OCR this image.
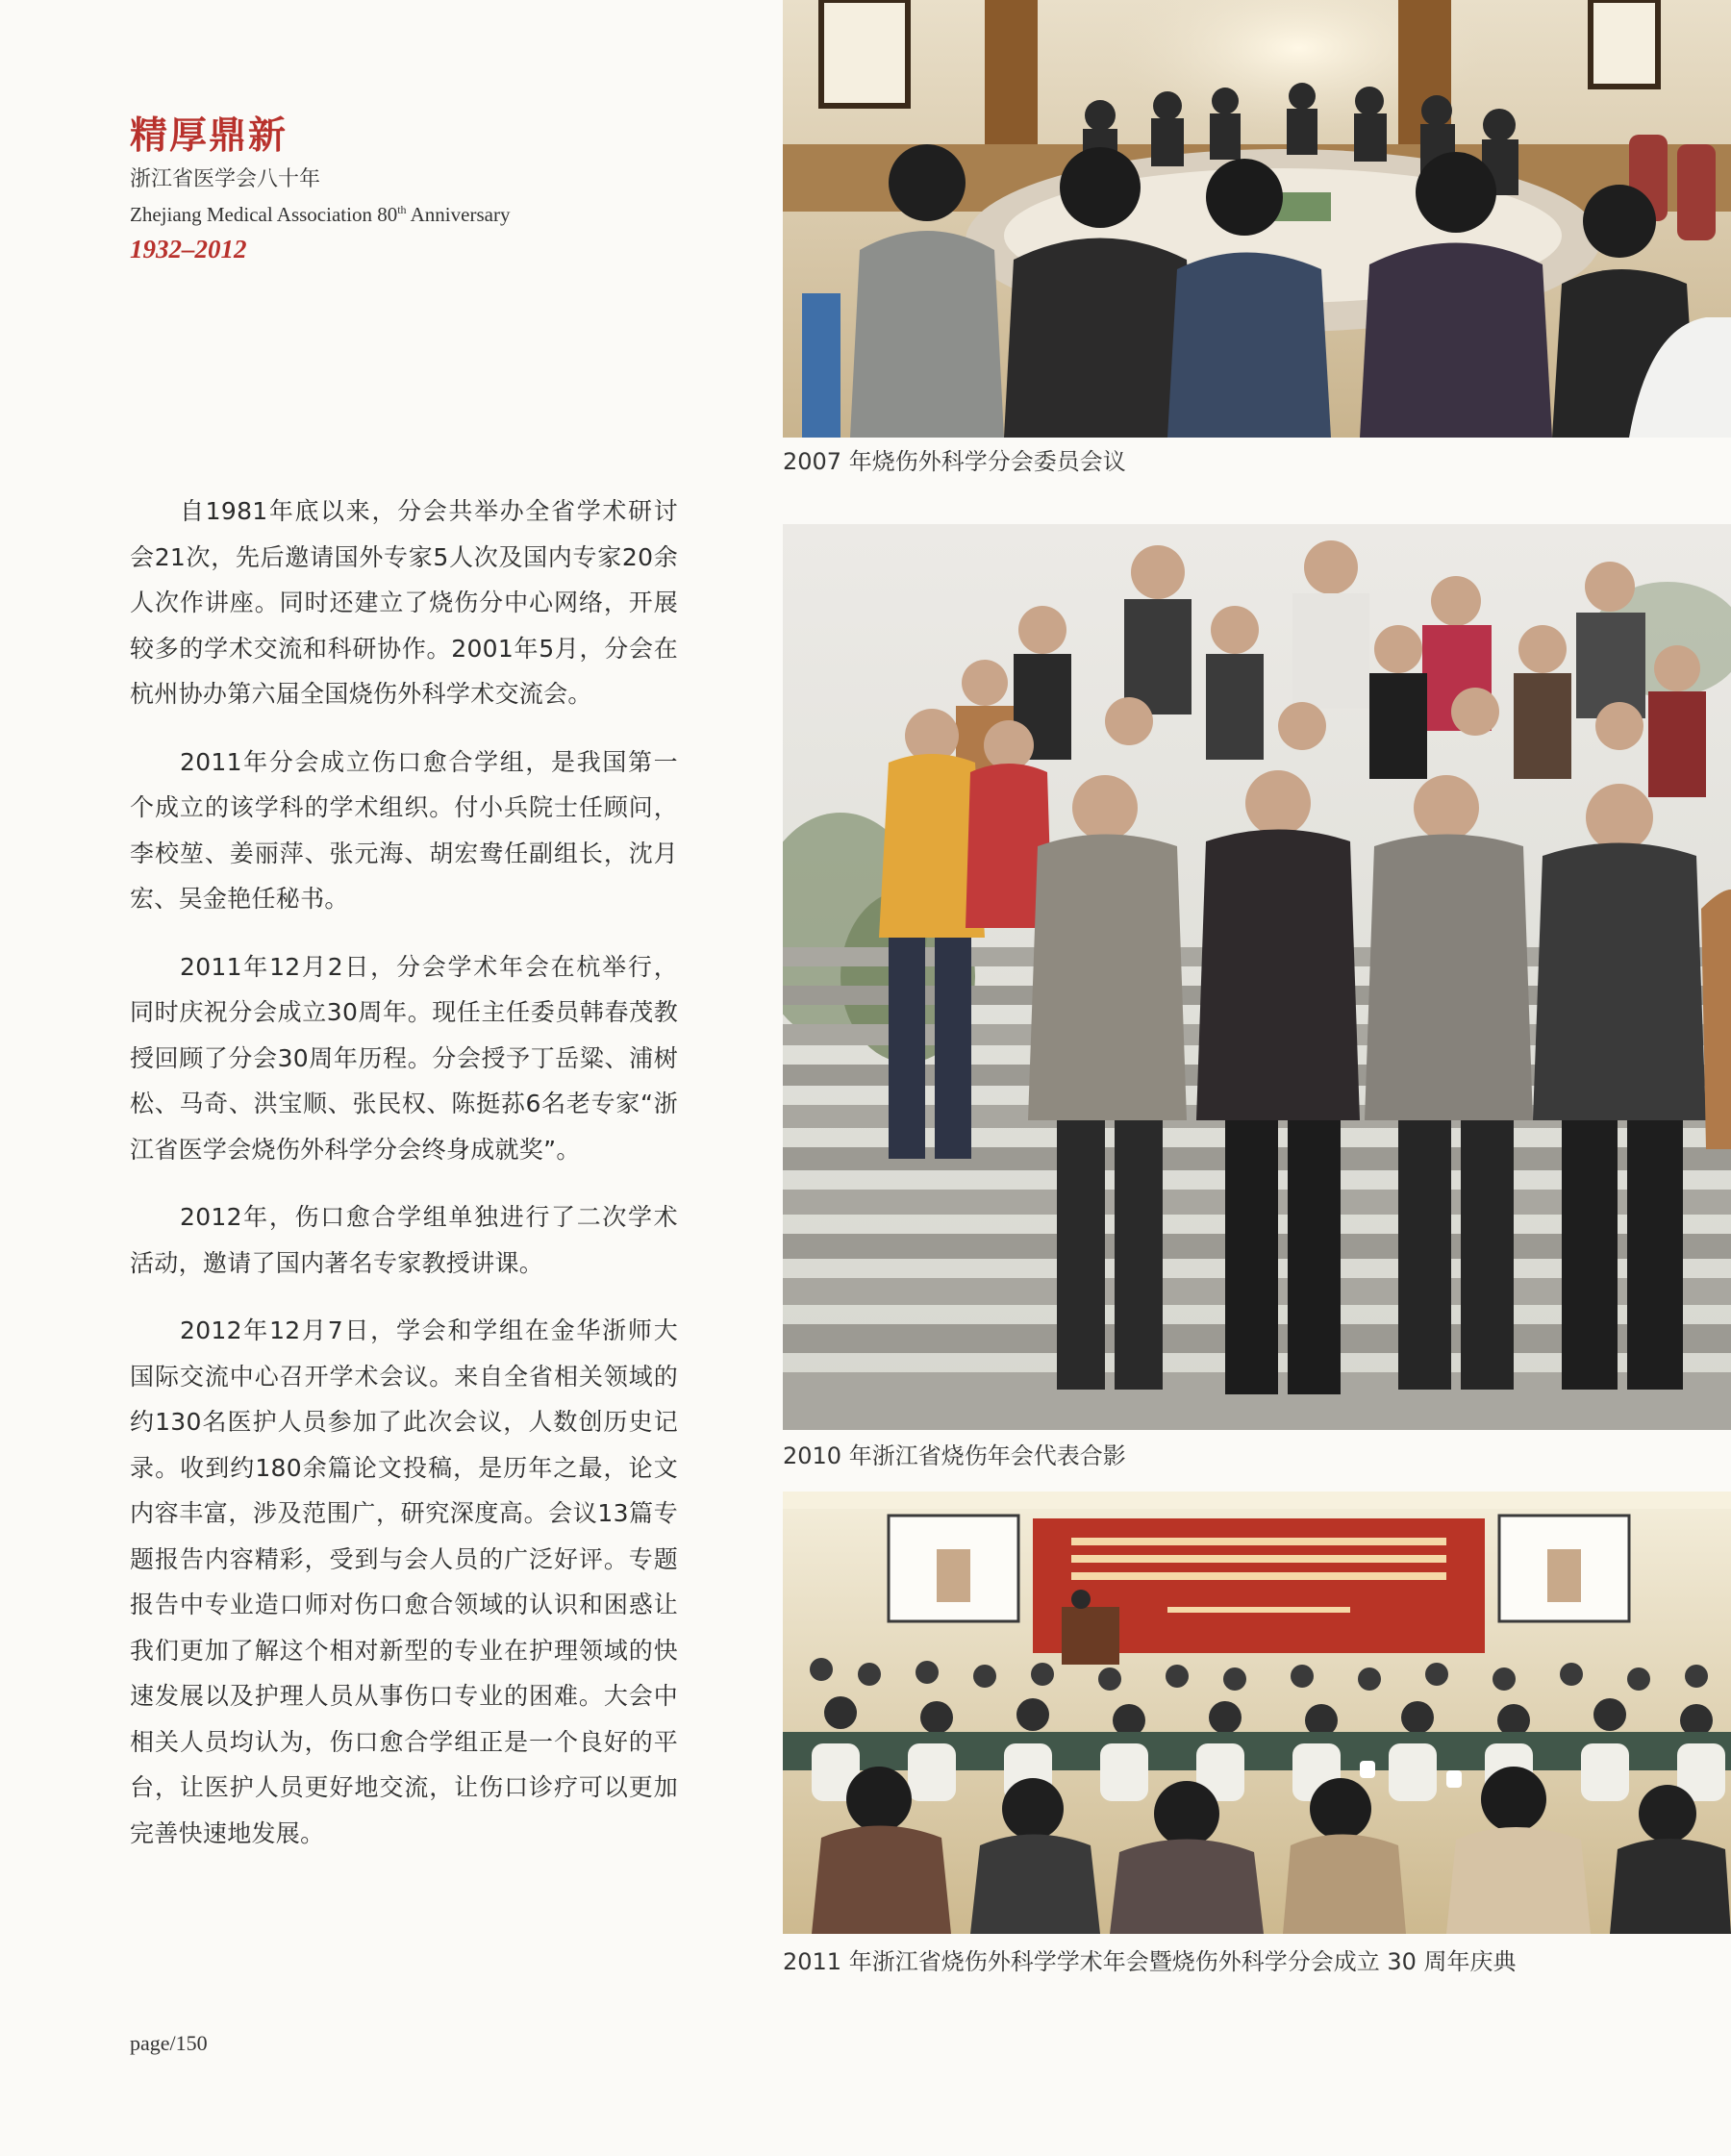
精厚鼎新
浙江省医学会八十年
Zhejiang Medical Association 80th Anniversary
1932–2012

自1981年底以来，分会共举办全省学术研讨会21次，先后邀请国外专家5人次及国内专家20余人次作讲座。同时还建立了烧伤分中心网络，开展较多的学术交流和科研协作。2001年5月，分会在杭州协办第六届全国烧伤外科学术交流会。

2011年分会成立伤口愈合学组，是我国第一个成立的该学科的学术组织。付小兵院士任顾问，李校堃、姜丽萍、张元海、胡宏鸯任副组长，沈月宏、吴金艳任秘书。

2011年12月2日，分会学术年会在杭举行，同时庆祝分会成立30周年。现任主任委员韩春茂教授回顾了分会30周年历程。分会授予丁岳粱、浦树松、马奇、洪宝顺、张民权、陈挺荪6名老专家“浙江省医学会烧伤外科学分会终身成就奖”。

2012年，伤口愈合学组单独进行了二次学术活动，邀请了国内著名专家教授讲课。

2012年12月7日，学会和学组在金华浙师大国际交流中心召开学术会议。来自全省相关领域的约130名医护人员参加了此次会议，人数创历史记录。收到约180余篇论文投稿，是历年之最，论文内容丰富，涉及范围广，研究深度高。会议13篇专题报告内容精彩，受到与会人员的广泛好评。专题报告中专业造口师对伤口愈合领域的认识和困惑让我们更加了解这个相对新型的专业在护理领域的快速发展以及护理人员从事伤口专业的困难。大会中相关人员均认为，伤口愈合学组正是一个良好的平台，让医护人员更好地交流，让伤口诊疗可以更加完善快速地发展。

page/150
2007 年烧伤外科学分会委员会议
2010 年浙江省烧伤年会代表合影
2011 年浙江省烧伤外科学学术年会暨烧伤外科学分会成立 30 周年庆典
